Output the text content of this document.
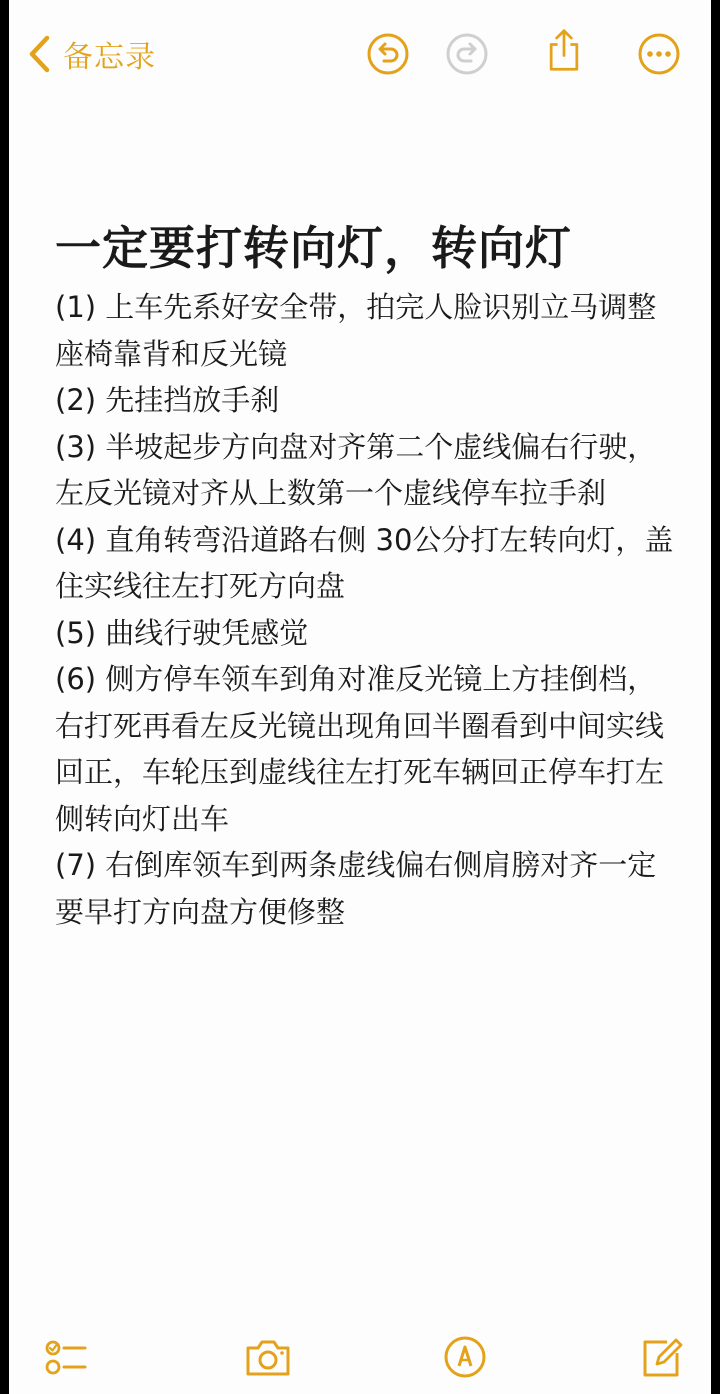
备忘录
一定要打转向灯，转向灯

(1) 上车先系好安全带，拍完人脸识别立马调整座椅靠背和反光镜

(2) 先挂挡放手刹

(3) 半坡起步方向盘对齐第二个虚线偏右行驶，左反光镜对齐从上数第一个虚线停车拉手刹

(4) 直角转弯沿道路右侧 30公分打左转向灯，盖住实线往左打死方向盘

(5) 曲线行驶凭感觉

(6) 侧方停车领车到角对准反光镜上方挂倒档，右打死再看左反光镜出现角回半圈看到中间实线回正，车轮压到虚线往左打死车辆回正停车打左侧转向灯出车

(7) 右倒库领车到两条虚线偏右侧肩膀对齐一定要早打方向盘方便修整
